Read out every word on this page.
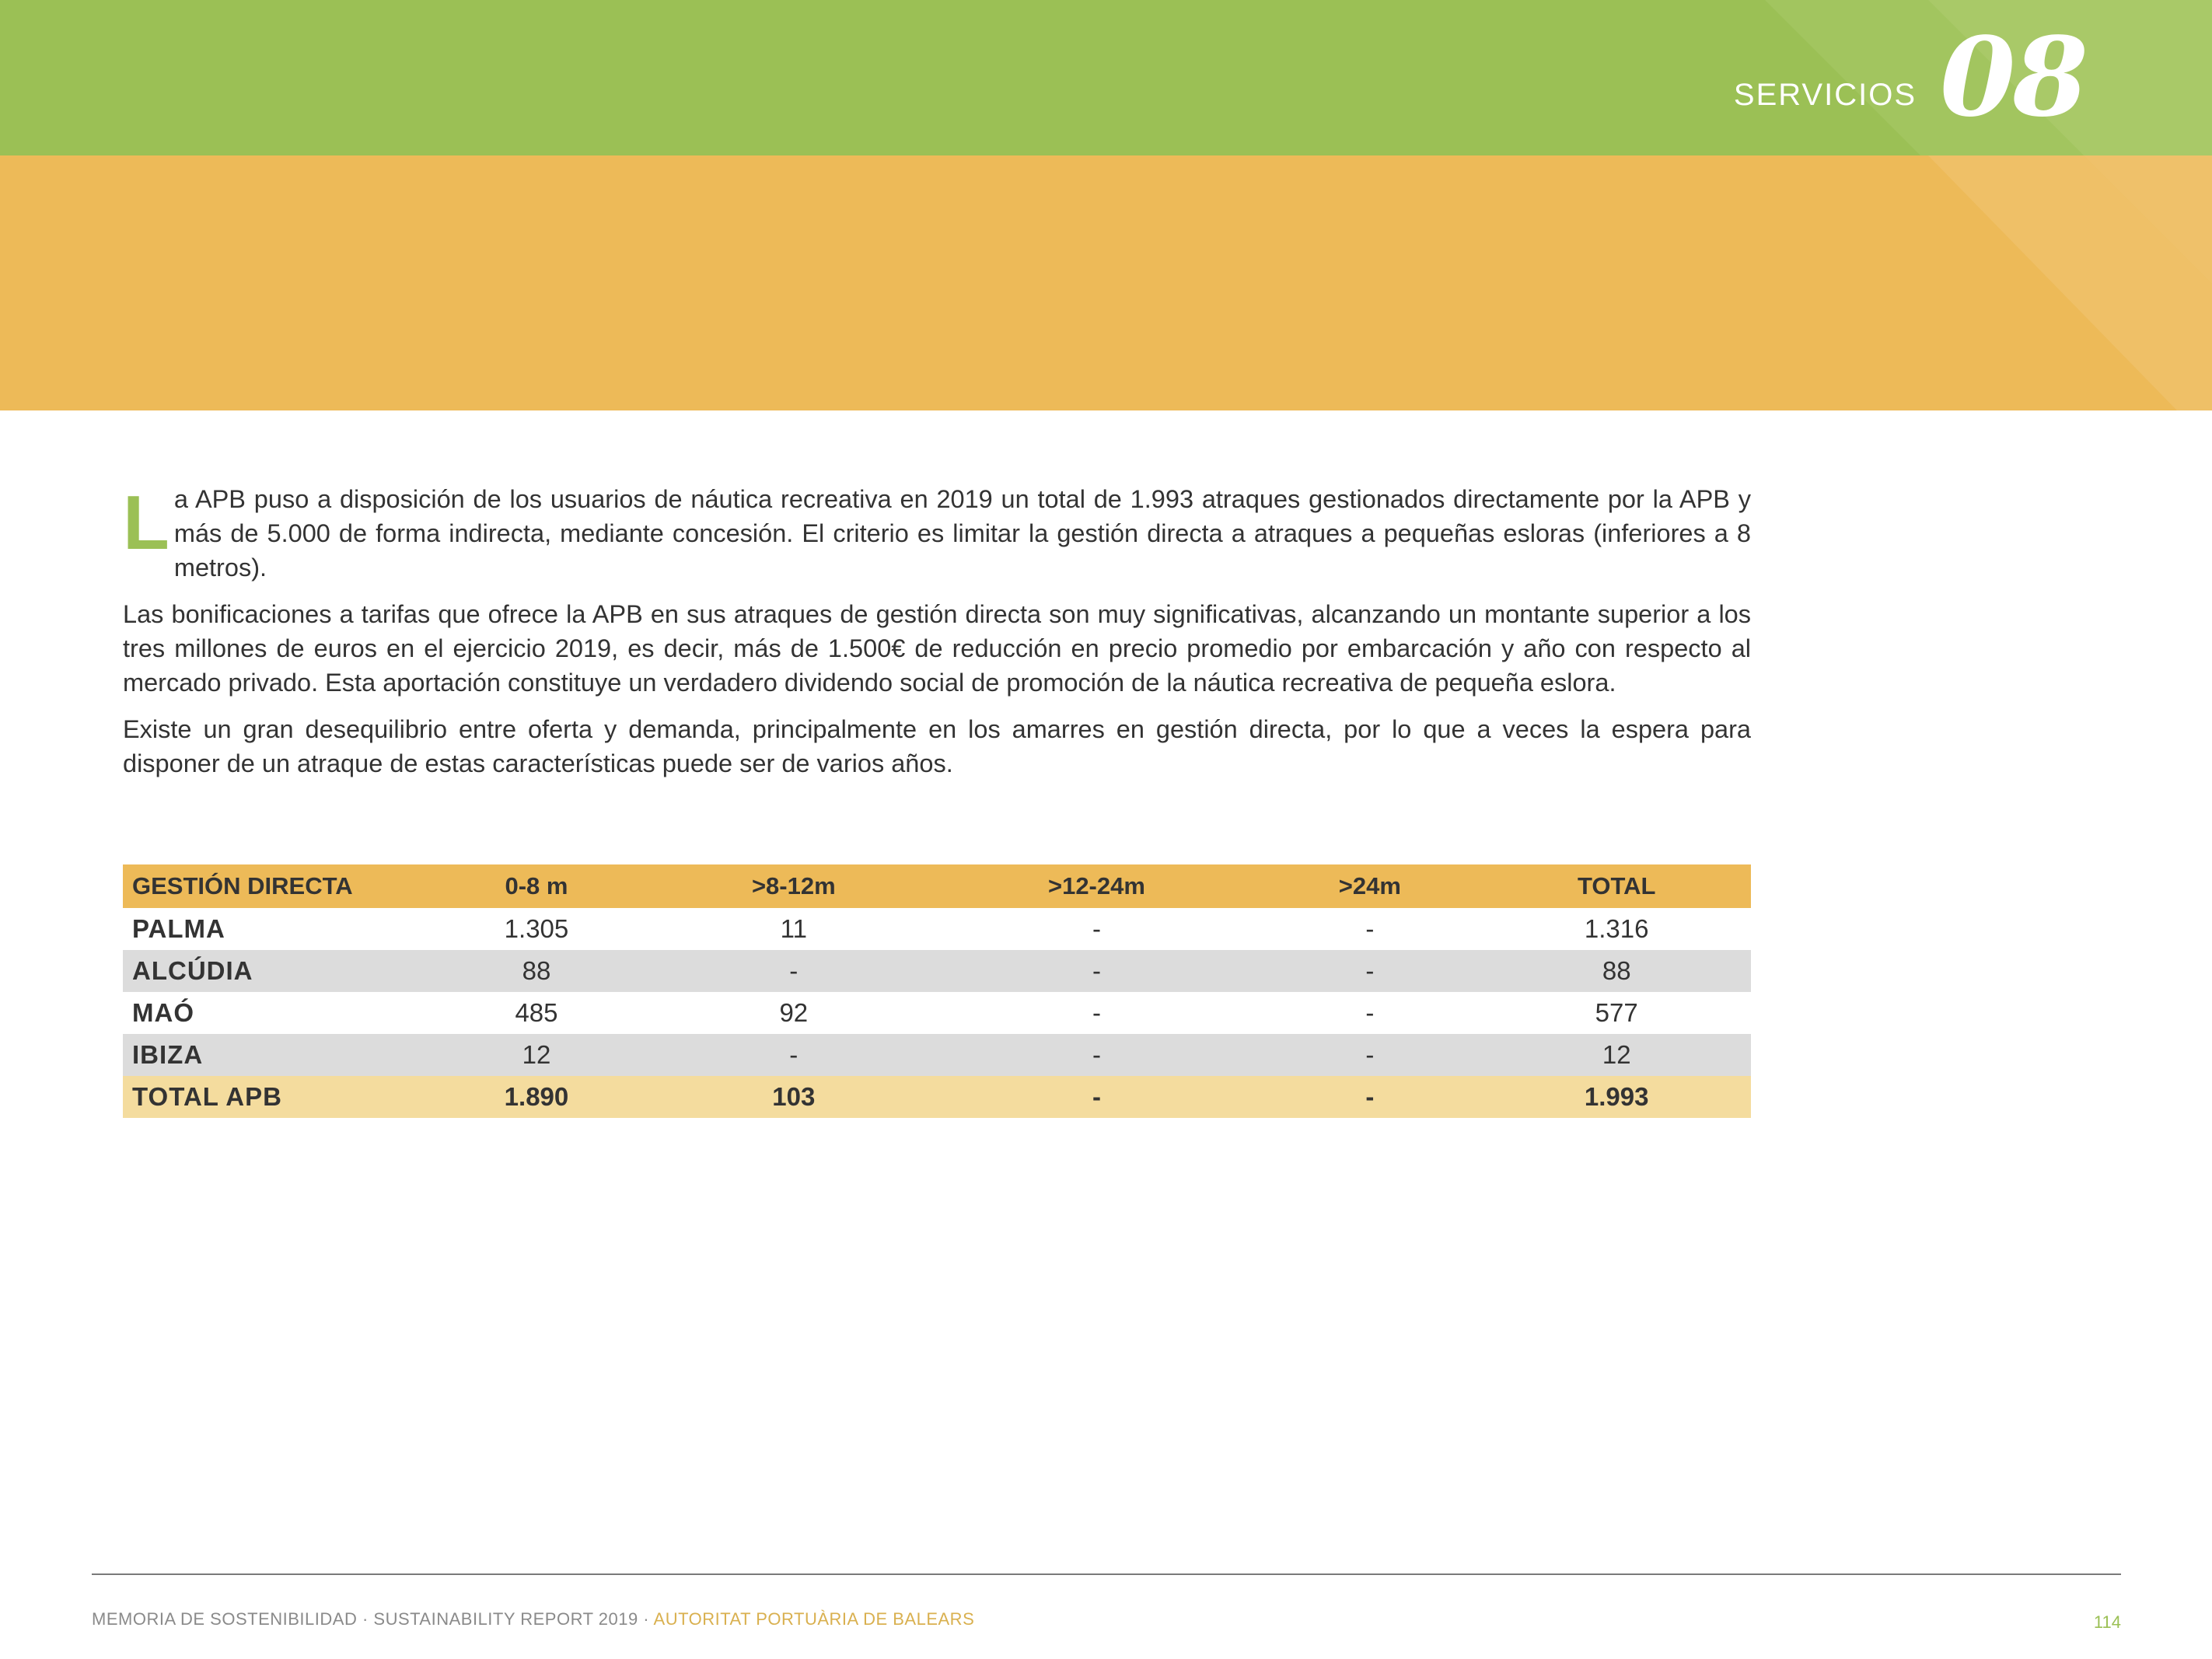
SERVICIOS 08

La APB puso a disposición de los usuarios de náutica recreativa en 2019 un total de 1.993 atraques gestionados directamente por la APB y más de 5.000 de forma indirecta, mediante concesión. El criterio es limitar la gestión directa a atraques a pequeñas esloras (inferiores a 8 metros).

Las bonificaciones a tarifas que ofrece la APB en sus atraques de gestión directa son muy significativas, alcanzando un montante superior a los tres millones de euros en el ejercicio 2019, es decir, más de 1.500€ de reducción en precio promedio por embarcación y año con respecto al mercado privado. Esta aportación constituye un verdadero dividendo social de promoción de la náutica recreativa de pequeña eslora.

Existe un gran desequilibrio entre oferta y demanda, principalmente en los amarres en gestión directa, por lo que a veces la espera para disponer de un atraque de estas características puede ser de varios años.

GESTIÓN DIRECTA	0-8 m	>8-12m	>12-24m	>24m	TOTAL
PALMA	1.305	11	-	-	1.316
ALCÚDIA	88	-	-	-	88
MAÓ	485	92	-	-	577
IBIZA	12	-	-	-	12
TOTAL APB	1.890	103	-	-	1.993
MEMORIA DE SOSTENIBILIDAD · SUSTAINABILITY REPORT 2019 · AUTORITAT PORTUÀRIA DE BALEARS	114
